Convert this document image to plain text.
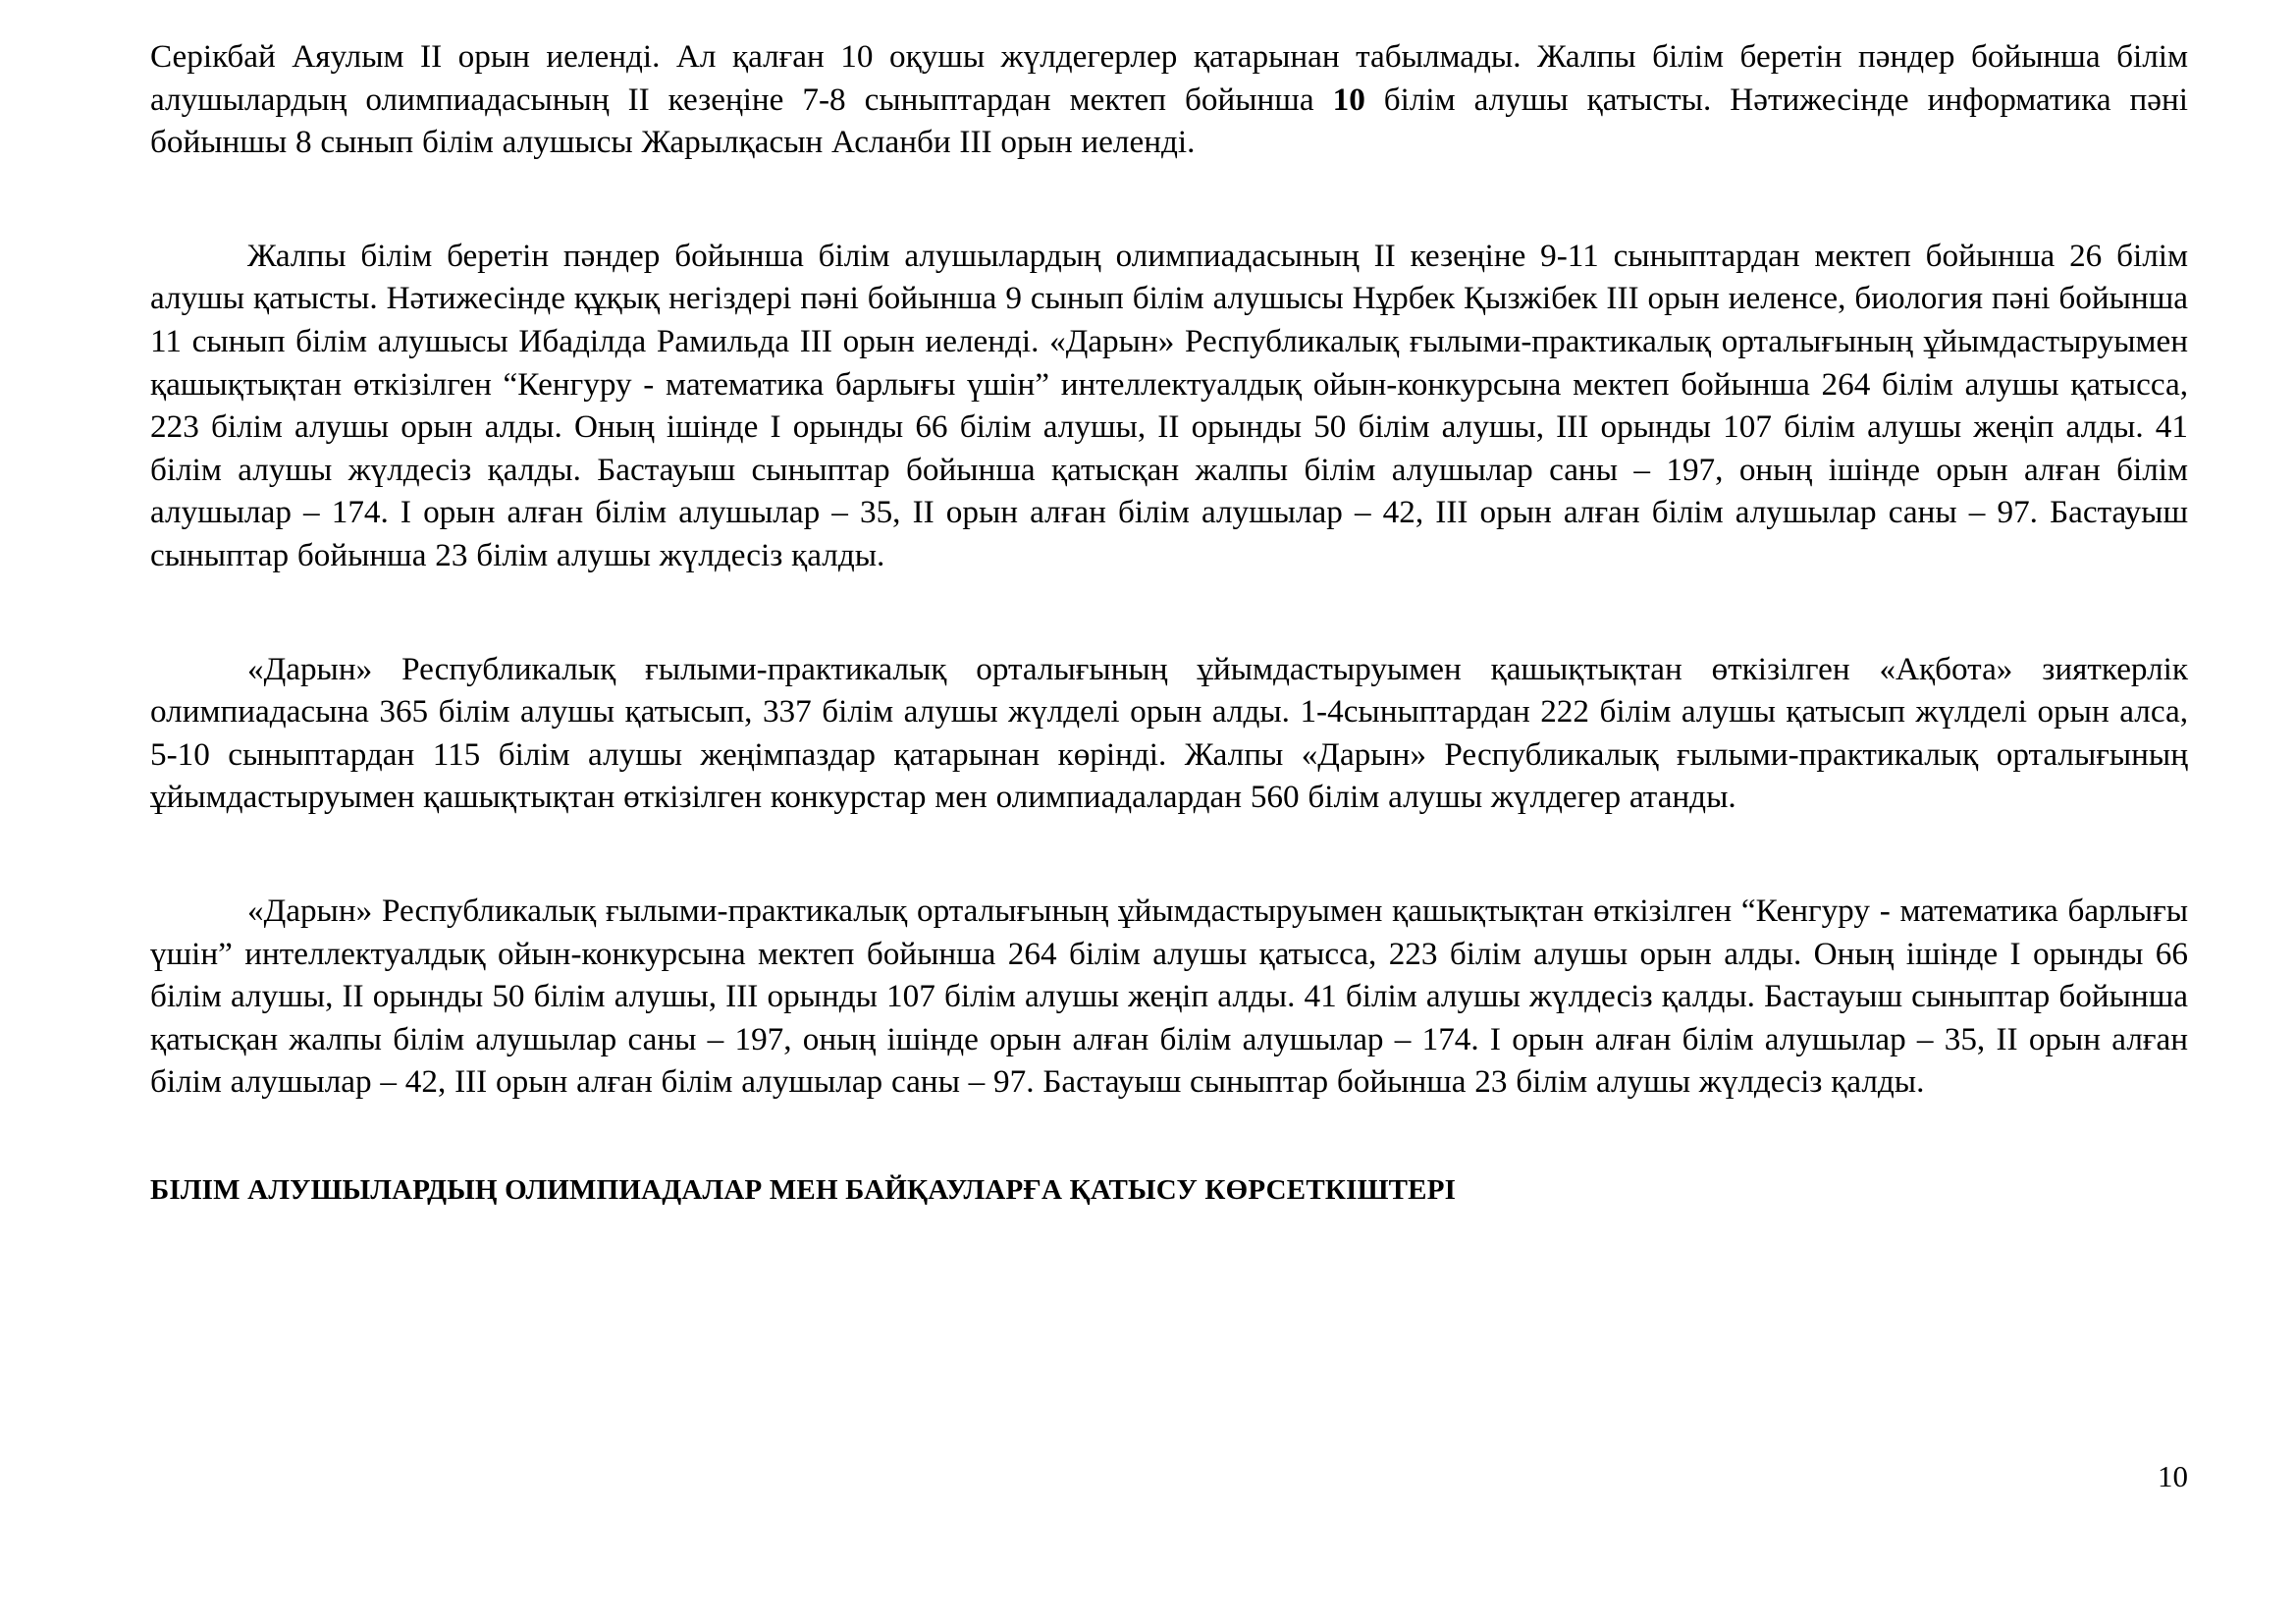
Серікбай Аяулым ІІ орын иеленді. Ал қалған 10 оқушы жүлдегерлер қатарынан табылмады. Жалпы білім беретін пәндер бойынша білім алушылардың олимпиадасының ІІ кезеңіне 7-8 сыныптардан мектеп бойынша 10 білім алушы қатысты. Нәтижесінде информатика пәні бойыншы 8 сынып білім алушысы Жарылқасын Асланби ІІІ орын иеленді.

Жалпы білім беретін пәндер бойынша білім алушылардың олимпиадасының ІІ кезеңіне 9-11 сыныптардан мектеп бойынша 26 білім алушы қатысты. Нәтижесінде құқық негіздері пәні бойынша 9 сынып білім алушысы Нұрбек Қызжібек ІІІ орын иеленсе, биология пәні бойынша 11 сынып білім алушысы Ибаділда Рамильда ІІІ орын иеленді. «Дарын» Республикалық ғылыми-практикалық орталығының ұйымдастыруымен қашықтықтан өткізілген “Кенгуру - математика барлығы үшін” интеллектуалдық ойын-конкурсына мектеп бойынша 264 білім алушы қатысса, 223 білім алушы орын алды. Оның ішінде І орынды 66 білім алушы, ІІ орынды 50 білім алушы, ІІІ орынды 107 білім алушы жеңіп алды. 41 білім алушы жүлдесіз қалды. Бастауыш сыныптар бойынша қатысқан жалпы білім алушылар саны – 197, оның ішінде орын алған білім алушылар – 174. І орын алған білім алушылар – 35, ІІ орын алған білім алушылар – 42, ІІІ орын алған білім алушылар саны – 97. Бастауыш сыныптар бойынша 23 білім алушы жүлдесіз қалды.

«Дарын» Республикалық ғылыми-практикалық орталығының ұйымдастыруымен қашықтықтан өткізілген «Ақбота» зияткерлік олимпиадасына 365 білім алушы қатысып, 337 білім алушы жүлделі орын алды. 1-4сыныптардан 222 білім алушы қатысып жүлделі орын алса, 5-10 сыныптардан 115 білім алушы жеңімпаздар қатарынан көрінді. Жалпы «Дарын» Республикалық ғылыми-практикалық орталығының ұйымдастыруымен қашықтықтан өткізілген конкурстар мен олимпиадалардан 560 білім алушы жүлдегер атанды.

«Дарын» Республикалық ғылыми-практикалық орталығының ұйымдастыруымен қашықтықтан өткізілген “Кенгуру - математика барлығы үшін” интеллектуалдық ойын-конкурсына мектеп бойынша 264 білім алушы қатысса, 223 білім алушы орын алды. Оның ішінде І орынды 66 білім алушы, ІІ орынды 50 білім алушы, ІІІ орынды 107 білім алушы жеңіп алды. 41 білім алушы жүлдесіз қалды. Бастауыш сыныптар бойынша қатысқан жалпы білім алушылар саны – 197, оның ішінде орын алған білім алушылар – 174. І орын алған білім алушылар – 35, ІІ орын алған білім алушылар – 42, ІІІ орын алған білім алушылар саны – 97. Бастауыш сыныптар бойынша 23 білім алушы жүлдесіз қалды.

БІЛІМ АЛУШЫЛАРДЫҢ ОЛИМПИАДАЛАР МЕН БАЙҚАУЛАРҒА ҚАТЫСУ КӨРСЕТКІШТЕРІ
10
